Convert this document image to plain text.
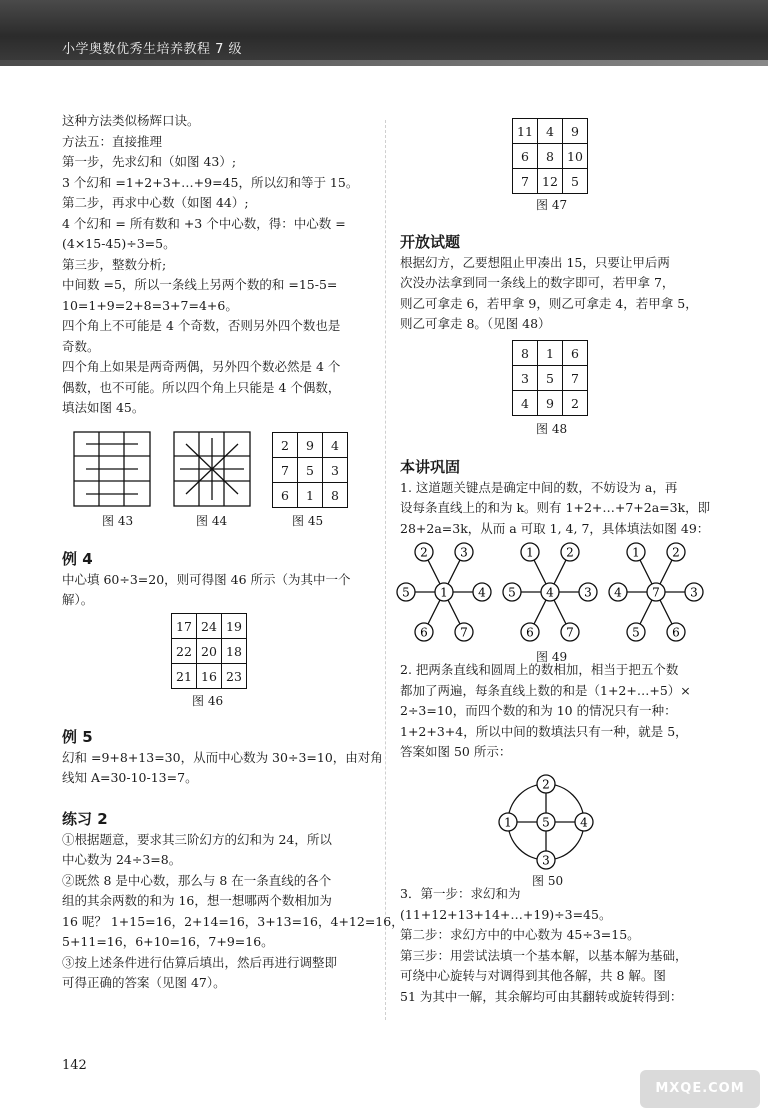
小学奥数优秀生培养教程 7 级

这种方法类似杨辉口诀。

方法五：直接推理

第一步，先求幻和（如图 43）;

3 个幻和 =1+2+3+…+9=45，所以幻和等于 15。

第二步，再求中心数（如图 44）;

4 个幻和 = 所有数和 +3 个中心数，得：中心数 =

(4×15-45)÷3=5。

第三步，整数分析;

中间数 =5，所以一条线上另两个数的和 =15-5=

10=1+9=2+8=3+7=4+6。

四个角上不可能是 4 个奇数，否则另外四个数也是

奇数。

四个角上如果是两奇两偶，另外四个数必然是 4 个

偶数，也不可能。所以四个角上只能是 4 个偶数，

填法如图 45。

图 43	图 44
2	9	4
7	5	3
6	1	8
图 45

例 4

中心填 60÷3=20，则可得图 46 所示（为其中一个

解）。

17	24	19
22	20	18
21	16	23
图 46

例 5

幻和 =9+8+13=30，从而中心数为 30÷3=10，由对角

线知 A=30-10-13=7。

练习 2

①根据题意，要求其三阶幻方的幻和为 24，所以

中心数为 24÷3=8。

②既然 8 是中心数，那么与 8 在一条直线的各个

组的其余两数的和为 16，想一想哪两个数相加为

16 呢？ 1+15=16，2+14=16，3+13=16，4+12=16，

5+11=16，6+10=16，7+9=16。

③按上述条件进行估算后填出，然后再进行调整即

可得正确的答案（见图 47）。

11	4	9
6	8	10
7	12	5
图 47

开放试题

根据幻方，乙要想阻止甲凑出 15，只要让甲后两

次没办法拿到同一条线上的数字即可，若甲拿 7，

则乙可拿走 6，若甲拿 9，则乙可拿走 4，若甲拿 5，

则乙可拿走 8。（见图 48）

8	1	6
3	5	7
4	9	2
图 48

本讲巩固

1. 这道题关键点是确定中间的数，不妨设为 a，再

设每条直线上的和为 k。则有 1+2+…+7+2a=3k，即

28+2a=3k，从而 a 可取 1, 4, 7，具体填法如图 49：

1
2	3
5	4
6	7
4
1	2
5	3
6	7
7
1	2
4	3
5	6
图 49

2. 把两条直线和圆周上的数相加，相当于把五个数

都加了两遍，每条直线上数的和是（1+2+…+5）×

2÷3=10，而四个数的和为 10 的情况只有一种：

1+2+3+4，所以中间的数填法只有一种，就是 5，

答案如图 50 所示：

2
1	5	4
3
图 50

3．第一步：求幻和为

(11+12+13+14+…+19)÷3=45。

第二步：求幻方中的中心数为 45÷3=15。

第三步：用尝试法填一个基本解，以基本解为基础，

可绕中心旋转与对调得到其他各解，共 8 解。图

51 为其中一解，其余解均可由其翻转或旋转得到：

142
MXQE.COM
